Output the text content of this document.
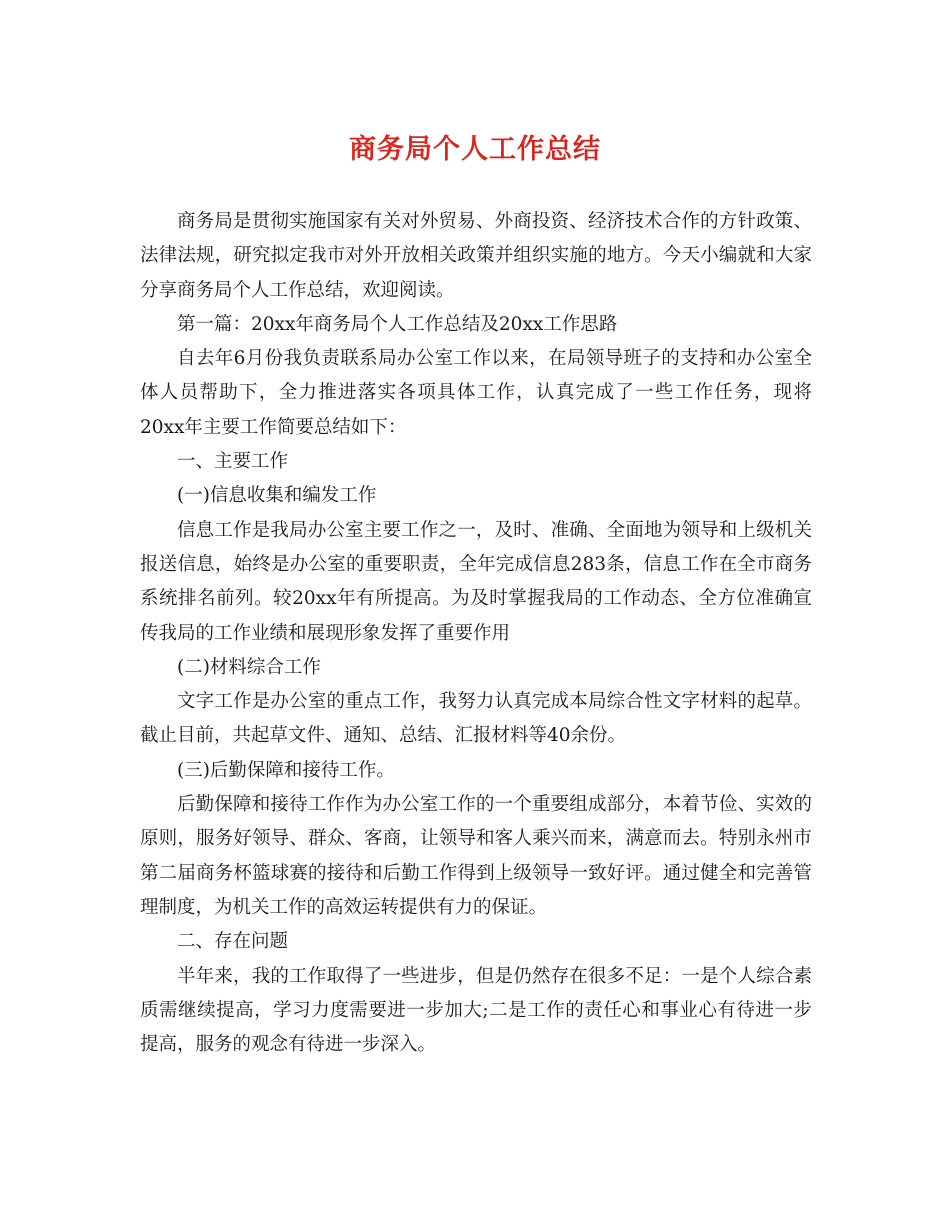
商务局个人工作总结

商务局是贯彻实施国家有关对外贸易、外商投资、经济技术合作的方针政策、法律法规，研究拟定我市对外开放相关政策并组织实施的地方。今天小编就和大家分享商务局个人工作总结，欢迎阅读。

第一篇：20xx年商务局个人工作总结及20xx工作思路

自去年6月份我负责联系局办公室工作以来，在局领导班子的支持和办公室全体人员帮助下，全力推进落实各项具体工作，认真完成了一些工作任务，现将20xx年主要工作简要总结如下：

一、主要工作

(一)信息收集和编发工作

信息工作是我局办公室主要工作之一，及时、准确、全面地为领导和上级机关报送信息，始终是办公室的重要职责，全年完成信息283条，信息工作在全市商务系统排名前列。较20xx年有所提高。为及时掌握我局的工作动态、全方位准确宣传我局的工作业绩和展现形象发挥了重要作用

(二)材料综合工作

文字工作是办公室的重点工作，我努力认真完成本局综合性文字材料的起草。截止目前，共起草文件、通知、总结、汇报材料等40余份。

(三)后勤保障和接待工作。

后勤保障和接待工作作为办公室工作的一个重要组成部分，本着节俭、实效的原则，服务好领导、群众、客商，让领导和客人乘兴而来，满意而去。特别永州市第二届商务杯篮球赛的接待和后勤工作得到上级领导一致好评。通过健全和完善管理制度，为机关工作的高效运转提供有力的保证。

二、存在问题

半年来，我的工作取得了一些进步，但是仍然存在很多不足：一是个人综合素质需继续提高，学习力度需要进一步加大;二是工作的责任心和事业心有待进一步提高，服务的观念有待进一步深入。
